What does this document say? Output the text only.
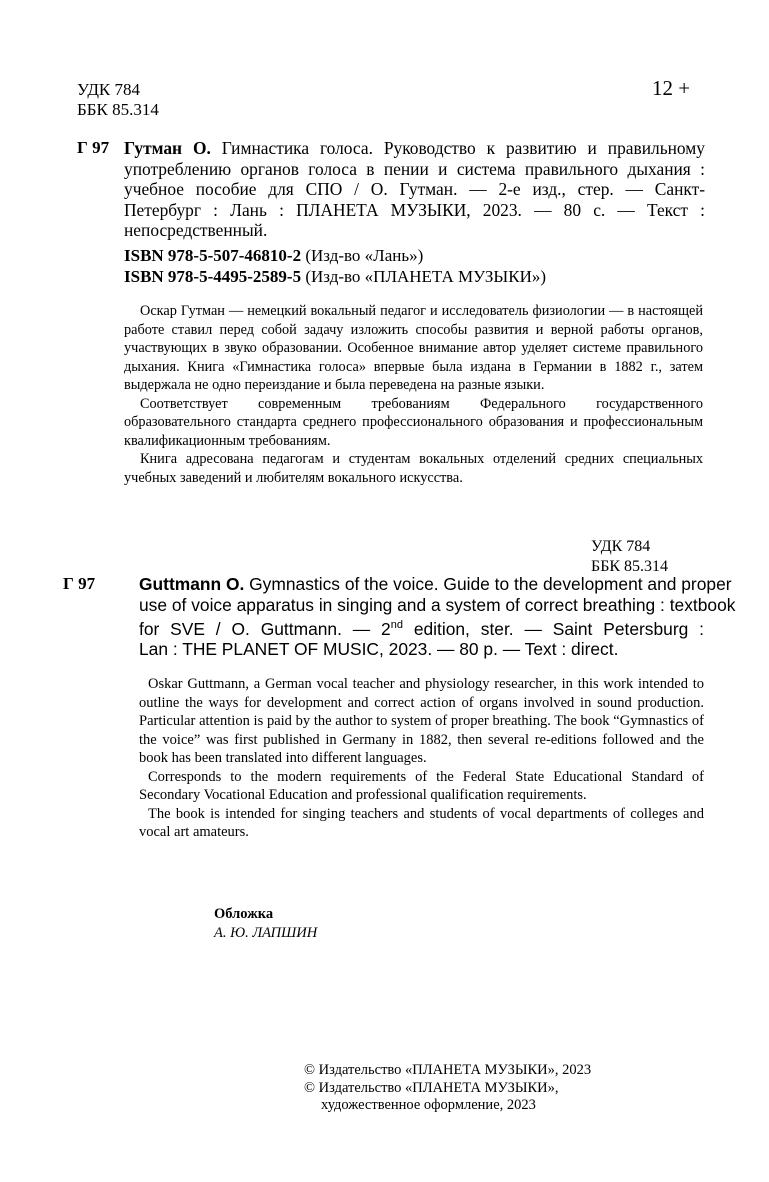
УДК 784
ББК 85.314
12 +
Г 97 Гутман О. Гимнастика голоса. Руководство к развитию и правильному
употреблению органов голоса в пении и система правильного дыхания :
учебное пособие для СПО / О. Гутман. — 2-е изд., стер. — Санкт-
Петербург : Лань : ПЛАНЕТА МУЗЫКИ, 2023. — 80 с. — Текст :
непосредственный.
ISBN 978-5-507-46810-2 (Изд-во «Лань»)
ISBN 978-5-4495-2589-5 (Изд-во «ПЛАНЕТА МУЗЫКИ»)

Оскар Гутман — немецкий вокальный педагог и исследователь физиологии — в настоящей работе ставил перед собой задачу изложить способы развития и верной работы органов, участвующих в звуко образовании. Особенное внимание автор уделяет системе правильного дыхания. Книга «Гимнастика голоса» впервые была издана в Германии в 1882 г., затем выдержала не одно переиздание и была переведена на разные языки.

Соответствует современным требованиям Федерального государственного образовательного стандарта среднего профессионального образования и профессиональным квалификационным требованиям.

Книга адресована педагогам и студентам вокальных отделений средних специальных учебных заведений и любителям вокального искусства.

УДК 784
ББК 85.314
Г 97	Guttmann O. Gymnastics of the voice. Guide to the development and proper
use of voice apparatus in singing and a system of correct breathing : textbook
for SVE / O. Guttmann. — 2nd edition, ster. — Saint Petersburg :
Lan : THE PLANET OF MUSIC, 2023. — 80 p. — Text : direct.

Oskar Guttmann, a German vocal teacher and physiology researcher, in this work intended to outline the ways for development and correct action of organs involved in sound production. Particular attention is paid by the author to system of proper breathing. The book “Gymnastics of the voice” was first published in Germany in 1882, then several re-editions followed and the book has been translated into different languages.

Corresponds to the modern requirements of the Federal State Educational Standard of Secondary Vocational Education and professional qualification requirements.

The book is intended for singing teachers and students of vocal departments of colleges and vocal art amateurs.

Обложка
А. Ю. ЛАПШИН
© Издательство «ПЛАНЕТА МУЗЫКИ», 2023
© Издательство «ПЛАНЕТА МУЗЫКИ»,
художественное оформление, 2023
